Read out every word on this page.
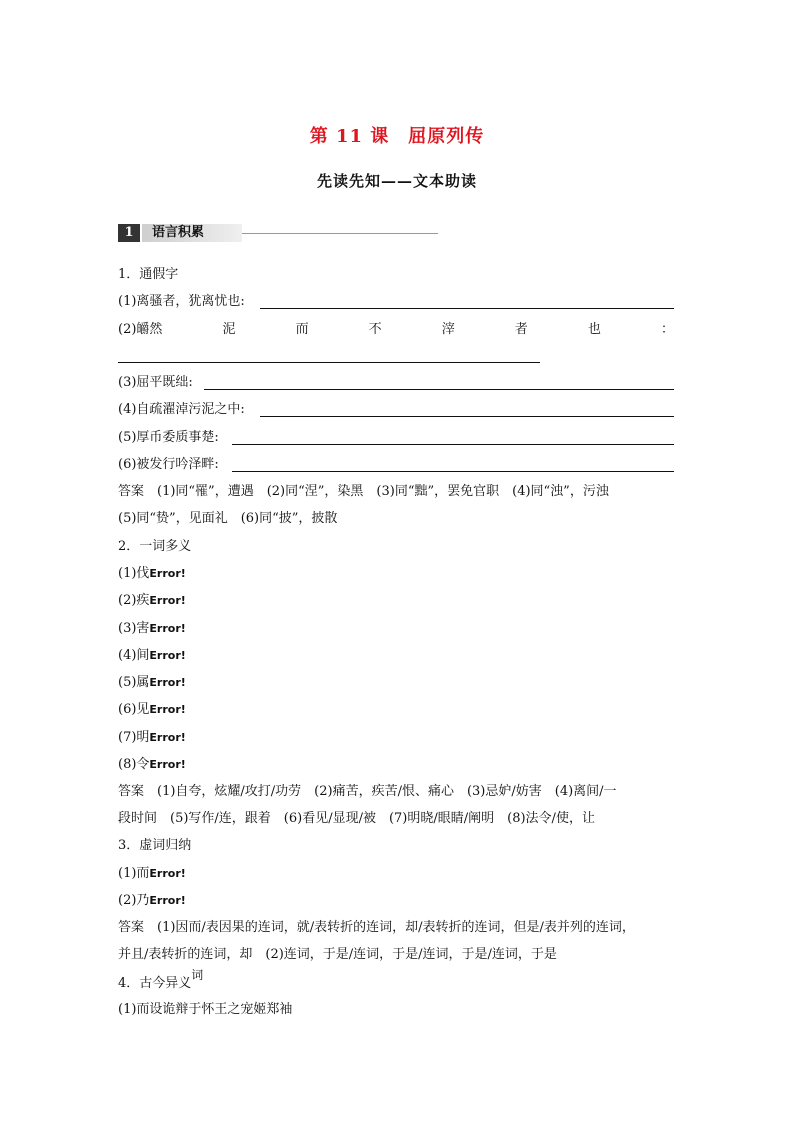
第 11 课　屈原列传
先读先知——文本助读
1	语言积累
1．通假字
(1)离骚者，犹离忧也:
(2)皭然	泥	而	不	滓	者	也	：
(3)屈平既绌:
(4)自疏濯淖污泥之中:
(5)厚币委质事楚:
(6)被发行吟泽畔:
答案　(1)同“罹”，遭遇　(2)同“涅”，染黑　(3)同“黜”，罢免官职　(4)同“浊”，污浊
(5)同“贽”，见面礼　(6)同“披”，披散
2．一词多义
(1)伐Error!
(2)疾Error!
(3)害Error!
(4)间Error!
(5)属Error!
(6)见Error!
(7)明Error!
(8)令Error!
答案　(1)自夸，炫耀/攻打/功劳　(2)痛苦，疾苦/恨、痛心　(3)忌妒/妨害　(4)离间/一
段时间　(5)写作/连，跟着　(6)看见/显现/被　(7)明晓/眼睛/阐明　(8)法令/使，让
3．虚词归纳
(1)而Error!
(2)乃Error!
答案　(1)因而/表因果的连词，就/表转折的连词，却/表转折的连词，但是/表并列的连词，
并且/表转折的连词，却　(2)连词，于是/连词，于是/连词，于是/连词，于是
4．古今异义词
(1)而设诡辩于怀王之宠姬郑袖
